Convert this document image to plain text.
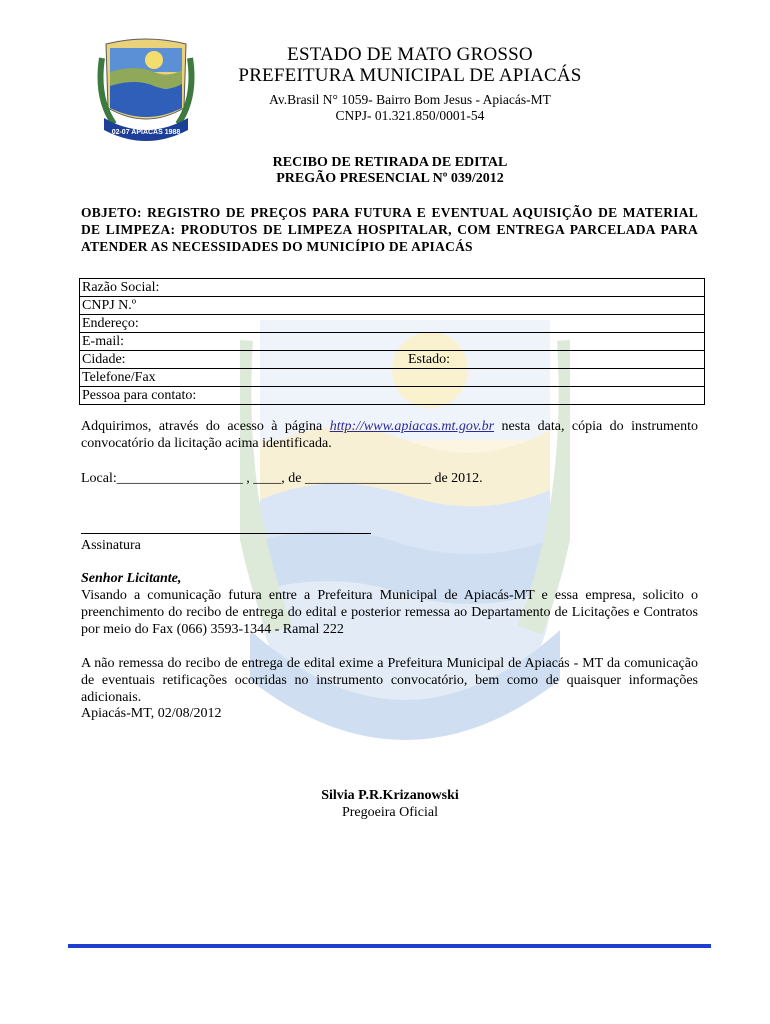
02-07 APIACÁS 1988
ESTADO DE MATO GROSSO
PREFEITURA MUNICIPAL DE APIACÁS
Av.Brasil N° 1059- Bairro Bom Jesus - Apiacás-MT
CNPJ- 01.321.850/0001-54
RECIBO DE RETIRADA DE EDITAL
PREGÃO PRESENCIAL Nº 039/2012
OBJETO: REGISTRO DE PREÇOS PARA FUTURA E EVENTUAL AQUISIÇÃO DE MATERIAL DE LIMPEZA: PRODUTOS DE LIMPEZA HOSPITALAR, COM ENTREGA PARCELADA PARA ATENDER AS NECESSIDADES DO MUNICÍPIO DE APIACÁS
Razão Social:
CNPJ N.º
Endereço:
E-mail:

Cidade:	Estado:

Telefone/Fax
Pessoa para contato:
Adquirimos, através do acesso à página http://www.apiacas.mt.gov.br nesta data, cópia do instrumento convocatório da licitação acima identificada.
Local:__________________ , ____, de __________________ de 2012.
Assinatura
Senhor Licitante,
Visando a comunicação futura entre a Prefeitura Municipal de Apiacás-MT e essa empresa, solicito o preenchimento do recibo de entrega do edital e posterior remessa ao Departamento de Licitações e Contratos por meio do Fax (066) 3593-1344 - Ramal 222
A não remessa do recibo de entrega de edital exime a Prefeitura Municipal de Apiacás - MT da comunicação de eventuais retificações ocorridas no instrumento convocatório, bem como de quaisquer informações adicionais.
Apiacás-MT, 02/08/2012
Silvia P.R.Krizanowski
Pregoeira Oficial
